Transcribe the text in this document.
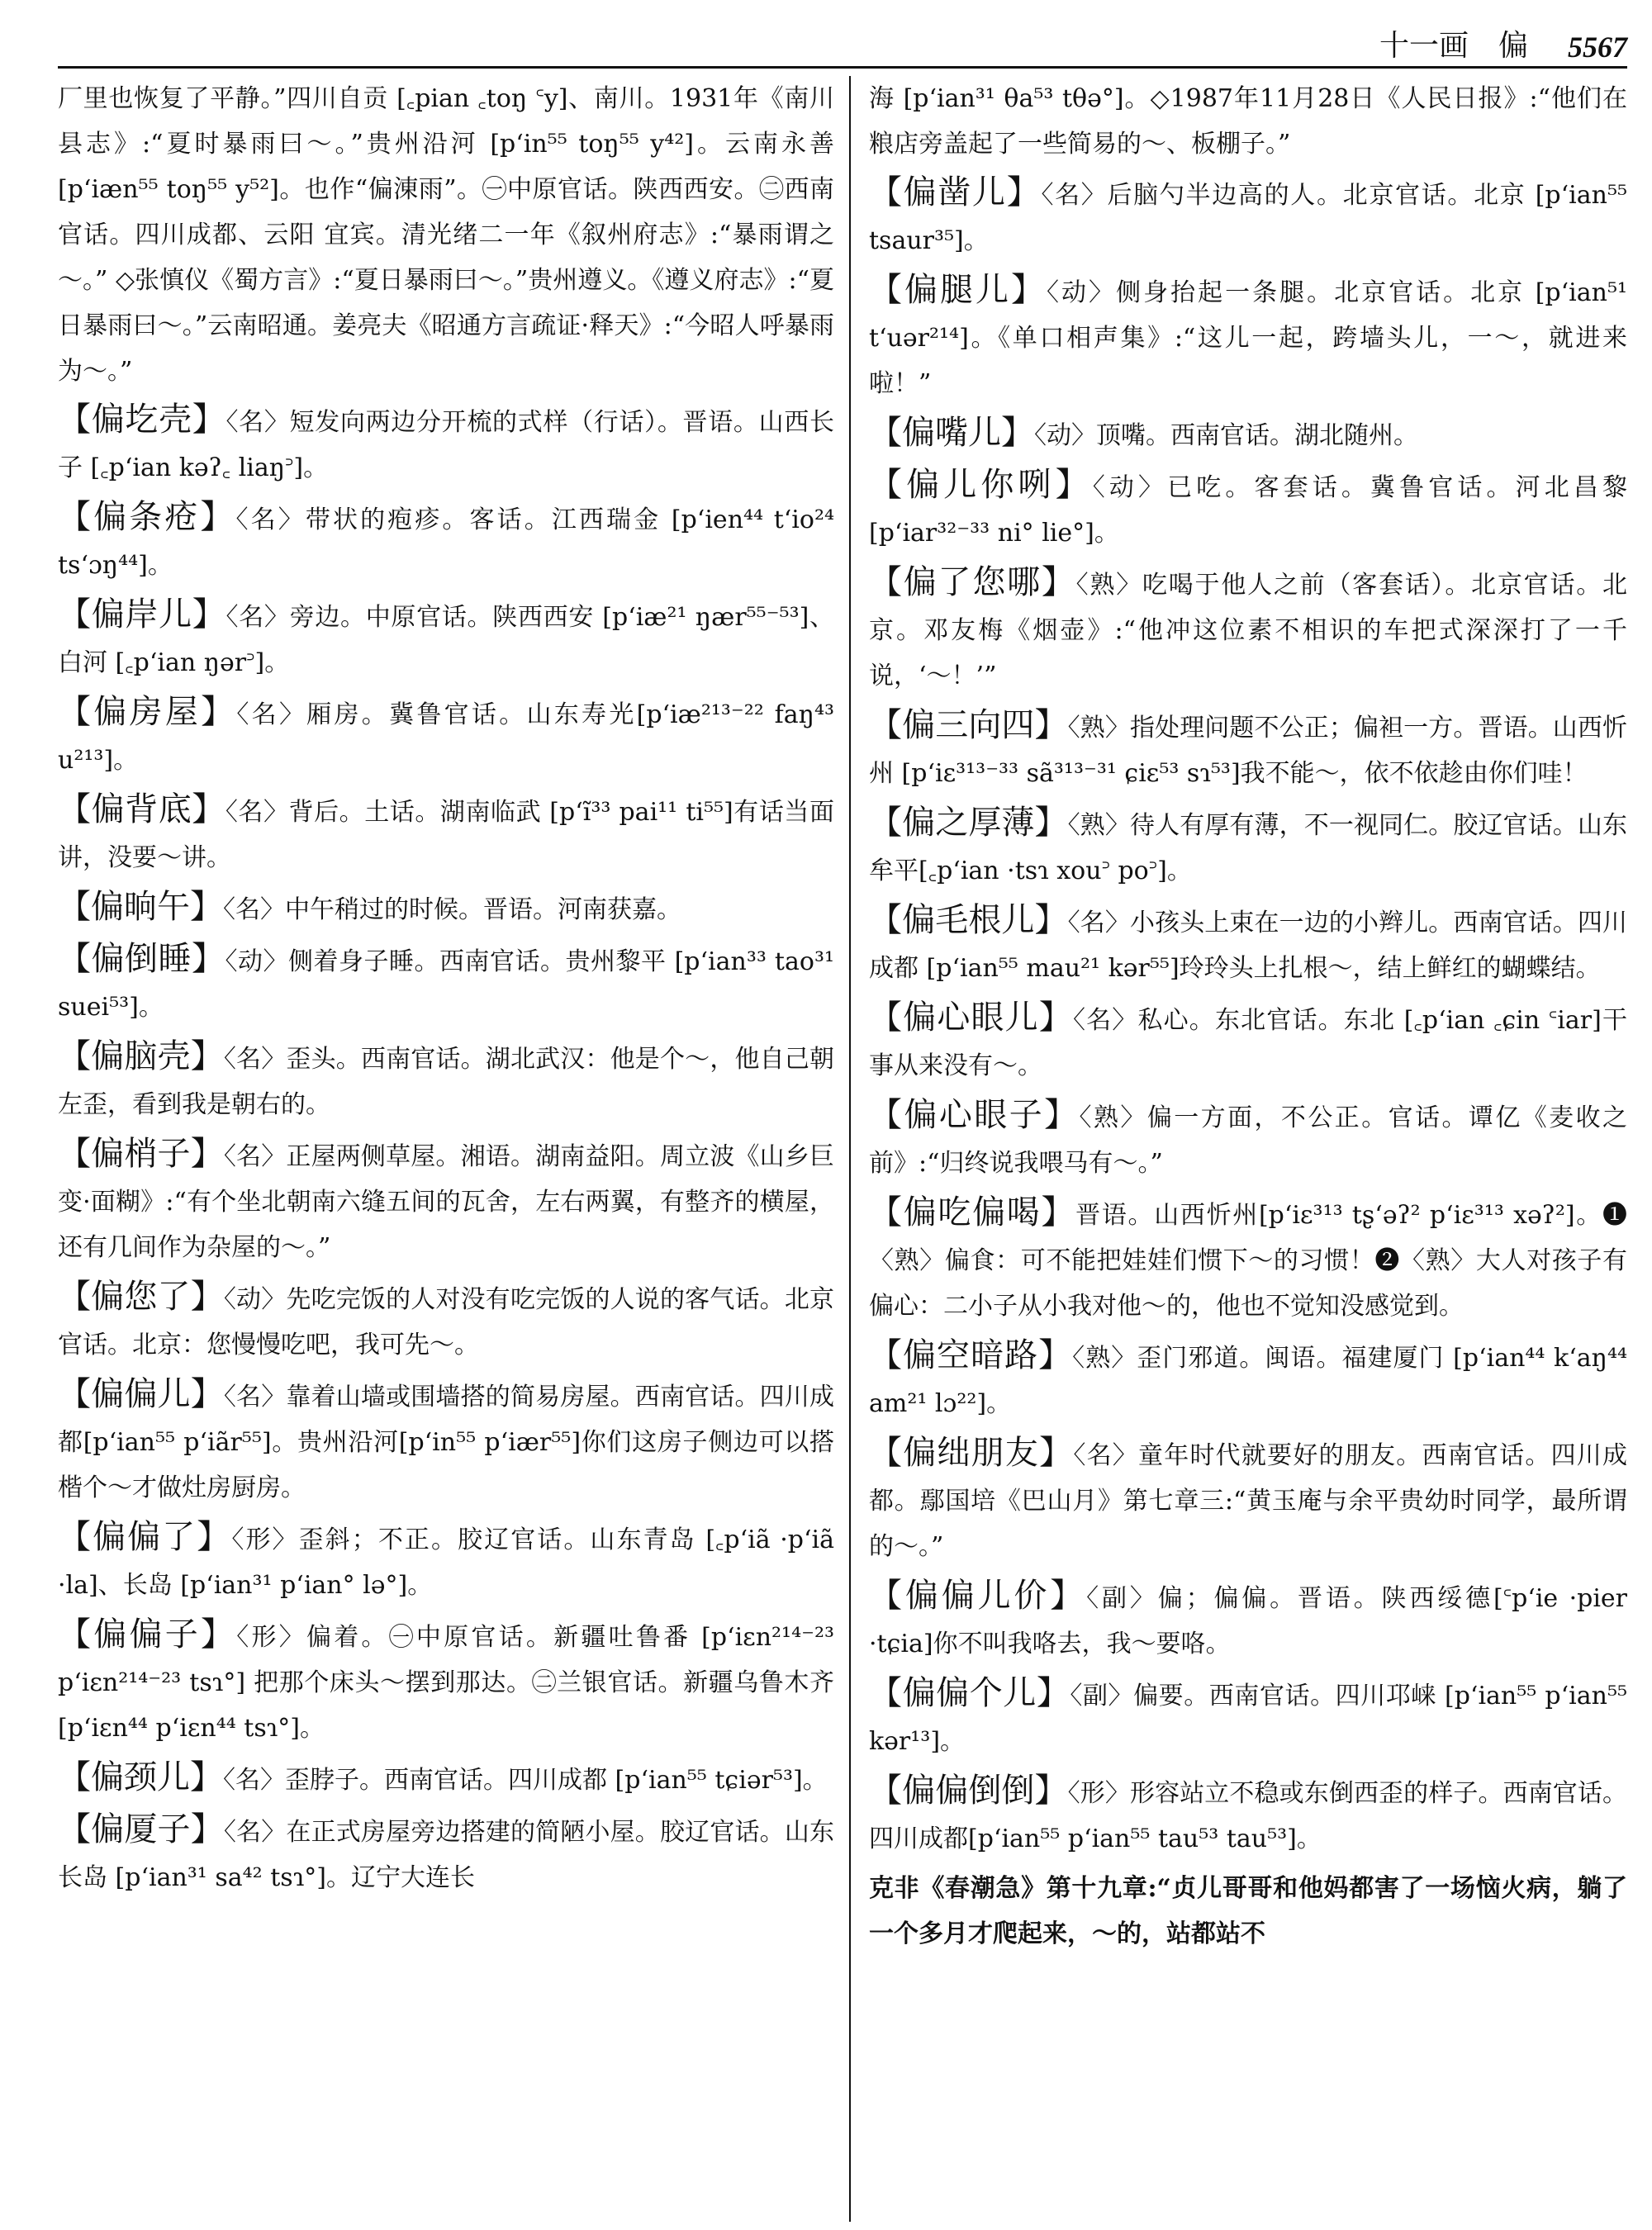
十一画　偏 5567

厂里也恢复了平静。”四川自贡 [꜀pian ꜀toŋ ꜂y]、南川。1931年《南川县志》:“夏时暴雨曰～。”贵州沿河 [pʻin⁵⁵ toŋ⁵⁵ y⁴²]。云南永善 [pʻiæn⁵⁵ toŋ⁵⁵ y⁵²]。也作“偏涷雨”。㊀中原官话。陕西西安。㊁西南官话。四川成都、云阳 宜宾。清光绪二一年《叙州府志》:“暴雨谓之～。” ◇张慎仪《蜀方言》:“夏日暴雨曰～。”贵州遵义。《遵义府志》:“夏日暴雨曰～。”云南昭通。姜亮夫《昭通方言疏证·释天》:“今昭人呼暴雨为～。”

【偏圪壳】〈名〉短发向两边分开梳的式样（行话）。晋语。山西长子 [꜀pʻian kəʔ꜀ liaŋ꜄]。

【偏条疮】〈名〉带状的疱疹。客话。江西瑞金 [pʻien⁴⁴ tʻio²⁴ tsʻɔŋ⁴⁴]。

【偏岸儿】〈名〉旁边。中原官话。陕西西安 [pʻiæ²¹ ŋær⁵⁵⁻⁵³]、白河 [꜀pʻian ŋər꜄]。

【偏房屋】〈名〉厢房。冀鲁官话。山东寿光[pʻiæ²¹³⁻²² faŋ⁴³ u²¹³]。

【偏背底】〈名〉背后。土话。湖南临武 [pʻĩ³³ pai¹¹ ti⁵⁵]有话当面讲，没要～讲。

【偏晌午】〈名〉中午稍过的时候。晋语。河南获嘉。

【偏倒睡】〈动〉侧着身子睡。西南官话。贵州黎平 [pʻian³³ tao³¹ suei⁵³]。

【偏脑壳】〈名〉歪头。西南官话。湖北武汉：他是个～，他自己朝左歪，看到我是朝右的。

【偏梢子】〈名〉正屋两侧草屋。湘语。湖南益阳。周立波《山乡巨变·面糊》:“有个坐北朝南六缝五间的瓦舍，左右两翼，有整齐的横屋，还有几间作为杂屋的～。”

【偏您了】〈动〉先吃完饭的人对没有吃完饭的人说的客气话。北京官话。北京：您慢慢吃吧，我可先～。

【偏偏儿】〈名〉靠着山墙或围墙搭的简易房屋。西南官话。四川成都[pʻian⁵⁵ pʻiãr⁵⁵]。贵州沿河[pʻin⁵⁵ pʻiær⁵⁵]你们这房子侧边可以搭楷个～才做灶房厨房。

【偏偏了】〈形〉歪斜；不正。胶辽官话。山东青岛 [꜀pʻiã ·pʻiã ·la]、长岛 [pʻian³¹ pʻian° lə°]。

【偏偏子】〈形〉偏着。㊀中原官话。新疆吐鲁番 [pʻiɛn²¹⁴⁻²³ pʻiɛn²¹⁴⁻²³ tsɿ°] 把那个床头～摆到那达。㊁兰银官话。新疆乌鲁木齐[pʻiɛn⁴⁴ pʻiɛn⁴⁴ tsɿ°]。

【偏颈儿】〈名〉歪脖子。西南官话。四川成都 [pʻian⁵⁵ tɕiər⁵³]。

【偏厦子】〈名〉在正式房屋旁边搭建的简陋小屋。胶辽官话。山东长岛 [pʻian³¹ sa⁴² tsɿ°]。辽宁大连长

海 [pʻian³¹ θa⁵³ tθə°]。◇1987年11月28日《人民日报》:“他们在粮店旁盖起了一些简易的～、板棚子。”

【偏凿儿】〈名〉后脑勺半边高的人。北京官话。北京 [pʻian⁵⁵ tsaur³⁵]。

【偏腿儿】〈动〉侧身抬起一条腿。北京官话。北京 [pʻian⁵¹ tʻuər²¹⁴]。《单口相声集》:“这儿一起，跨墙头儿，一～，就进来啦！”

【偏嘴儿】〈动〉顶嘴。西南官话。湖北随州。

【偏儿你咧】〈动〉已吃。客套话。冀鲁官话。河北昌黎 [pʻiar³²⁻³³ ni° lie°]。

【偏了您哪】〈熟〉吃喝于他人之前（客套话）。北京官话。北京。邓友梅《烟壶》:“他冲这位素不相识的车把式深深打了一千说，‘～！’”

【偏三向四】〈熟〉指处理问题不公正；偏袒一方。晋语。山西忻州 [pʻiɛ³¹³⁻³³ sã³¹³⁻³¹ ɕiɛ⁵³ sɿ⁵³]我不能～，依不依趁由你们哇！

【偏之厚薄】〈熟〉待人有厚有薄，不一视同仁。胶辽官话。山东牟平[꜀pʻian ·tsɿ xou꜄ po꜄]。

【偏毛根儿】〈名〉小孩头上束在一边的小辫儿。西南官话。四川成都 [pʻian⁵⁵ mau²¹ kər⁵⁵]玲玲头上扎根～，结上鲜红的蝴蝶结。

【偏心眼儿】〈名〉私心。东北官话。东北 [꜀pʻian ꜀ɕin ꜂iar]干事从来没有～。

【偏心眼子】〈熟〉偏一方面，不公正。官话。谭亿《麦收之前》:“归终说我喂马有～。”

【偏吃偏喝】晋语。山西忻州[pʻiɛ³¹³ tʂʻəʔ² pʻiɛ³¹³ xəʔ²]。❶〈熟〉偏食：可不能把娃娃们惯下～的习惯！❷〈熟〉大人对孩子有偏心：二小子从小我对他～的，他也不觉知没感觉到。

【偏空暗路】〈熟〉歪门邪道。闽语。福建厦门 [pʻian⁴⁴ kʻaŋ⁴⁴ am²¹ lɔ²²]。

【偏绌朋友】〈名〉童年时代就要好的朋友。西南官话。四川成都。鄢国培《巴山月》第七章三:“黄玉庵与余平贵幼时同学，最所谓的～。”

【偏偏儿价】〈副〉偏；偏偏。晋语。陕西绥德[꜂pʻie ·pier ·tɕia]你不叫我咯去，我～要咯。

【偏偏个儿】〈副〉偏要。西南官话。四川邛崃 [pʻian⁵⁵ pʻian⁵⁵ kər¹³]。

【偏偏倒倒】〈形〉形容站立不稳或东倒西歪的样子。西南官话。四川成都[pʻian⁵⁵ pʻian⁵⁵ tau⁵³ tau⁵³]。

克非《春潮急》第十九章:“贞儿哥哥和他妈都害了一场恼火病，躺了一个多月才爬起来，～的，站都站不
